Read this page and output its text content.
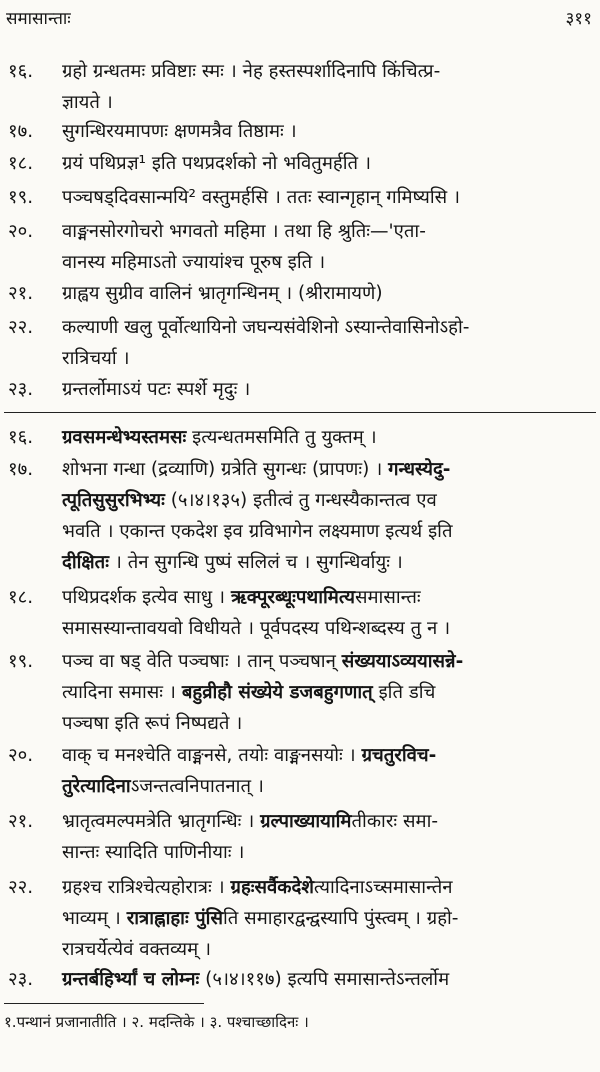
समासान्ताः	३११
१६. ग्रहो ग्रन्धतमः प्रविष्टाः स्मः । नेह हस्तस्पर्शादिनापि किंचित्प्र-
ज्ञायते ।
१७. सुगन्धिरयमापणः क्षणमत्रैव तिष्ठामः ।
१८. ग्रयं पथिप्रज्ञ¹ इति पथप्रदर्शको नो भवितुमर्हति ।
१९. पञ्चषड्दिवसान्मयि² वस्तुमर्हसि । ततः स्वान्गृहान् गमिष्यसि ।
२०. वाङ्मनसोरगोचरो भगवतो महिमा । तथा हि श्रुतिः—'एता-
वानस्य महिमाऽतो ज्यायांश्च पूरुष इति ।
२१. ग्राह्वय सुग्रीव वालिनं भ्रातृगन्धिनम् । (श्रीरामायणे)
२२. कल्याणी खलु पूर्वोत्थायिनो जघन्यसंवेशिनो ऽस्यान्तेवासिनोऽहो-
रात्रिचर्या ।
२३. ग्रन्तर्लोमाऽयं पटः स्पर्शे मृदुः ।
१६. ग्रवसमन्धेभ्यस्तमसः इत्यन्धतमसमिति तु युक्तम् ।
१७. शोभना गन्धा (द्रव्याणि) ग्रत्रेति सुगन्धः (प्रापणः) । गन्धस्येदु-
त्पूतिसुसुरभिभ्यः (५।४।१३५) इतीत्वं तु गन्धस्यैकान्तत्व एव
भवति । एकान्त एकदेश इव ग्रविभागेन लक्ष्यमाण इत्यर्थ इति
दीक्षितः । तेन सुगन्धि पुष्पं सलिलं च । सुगन्धिर्वायुः ।
१८. पथिप्रदर्शक इत्येव साधु । ऋक्पूरब्धूःपथामित्यसमासान्तः
समासस्यान्तावयवो विधीयते । पूर्वपदस्य पथिन्शब्दस्य तु न ।
१९. पञ्च वा षड् वेति पञ्चषाः । तान् पञ्चषान् संख्ययाऽव्ययासन्ने-
त्यादिना समासः । बहुव्रीहौ संख्येये डजबहुगणात् इति डचि
पञ्चषा इति रूपं निष्पद्यते ।
२०. वाक् च मनश्चेति वाङ्मनसे, तयोः वाङ्मनसयोः । ग्रचतुरविच-
तुरेत्यादिनाऽजन्तत्वनिपातनात् ।
२१. भ्रातृत्वमल्पमत्रेति भ्रातृगन्धिः । ग्रल्पाख्यायामितीकारः समा-
सान्तः स्यादिति पाणिनीयाः ।
२२. ग्रहश्च रात्रिश्चेत्यहोरात्रः । ग्रहःसर्वैकदेशेत्यादिनाऽच्समासान्तेन
भाव्यम् । रात्राह्नाहाः पुंसिति समाहारद्वन्द्वस्यापि पुंस्त्वम् । ग्रहो-
रात्रचर्येत्येवं वक्तव्यम् ।
२३. ग्रन्तर्बहिर्भ्यां च लोम्नः (५।४।११७) इत्यपि समासान्तेऽन्तर्लोम
१.पन्थानं प्रजानातीति । २. मदन्तिके । ३. पश्चाच्छादिनः ।
